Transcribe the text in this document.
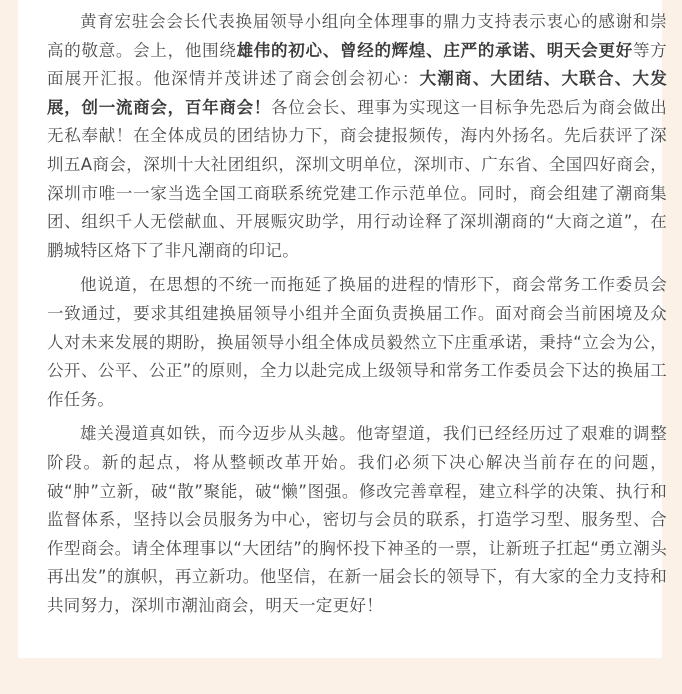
黄育宏驻会会长代表换届领导小组向全体理事的鼎力支持表示衷心的感谢和崇高的敬意。会上，他围绕雄伟的初心、曾经的辉煌、庄严的承诺、明天会更好等方面展开汇报。他深情并茂讲述了商会创会初心：大潮商、大团结、大联合、大发展，创一流商会，百年商会！各位会长、理事为实现这一目标争先恐后为商会做出无私奉献！在全体成员的团结协力下，商会捷报频传，海内外扬名。先后获评了深圳五A商会，深圳十大社团组织，深圳文明单位，深圳市、广东省、全国四好商会，深圳市唯一一家当选全国工商联系统党建工作示范单位。同时，商会组建了潮商集团、组织千人无偿献血、开展赈灾助学，用行动诠释了深圳潮商的“大商之道”，在鹏城特区烙下了非凡潮商的印记。

他说道，在思想的不统一而拖延了换届的进程的情形下，商会常务工作委员会一致通过，要求其组建换届领导小组并全面负责换届工作。面对商会当前困境及众人对未来发展的期盼，换届领导小组全体成员毅然立下庄重承诺，秉持“立会为公，公开、公平、公正”的原则，全力以赴完成上级领导和常务工作委员会下达的换届工作任务。

雄关漫道真如铁，而今迈步从头越。他寄望道，我们已经经历过了艰难的调整阶段。新的起点，将从整顿改革开始。我们必须下决心解决当前存在的问题，破“肿”立新，破“散”聚能，破“懒”图强。修改完善章程，建立科学的决策、执行和监督体系，坚持以会员服务为中心，密切与会员的联系，打造学习型、服务型、合作型商会。请全体理事以“大团结”的胸怀投下神圣的一票，让新班子扛起“勇立潮头再出发”的旗帜，再立新功。他坚信，在新一届会长的领导下，有大家的全力支持和共同努力，深圳市潮汕商会，明天一定更好！
